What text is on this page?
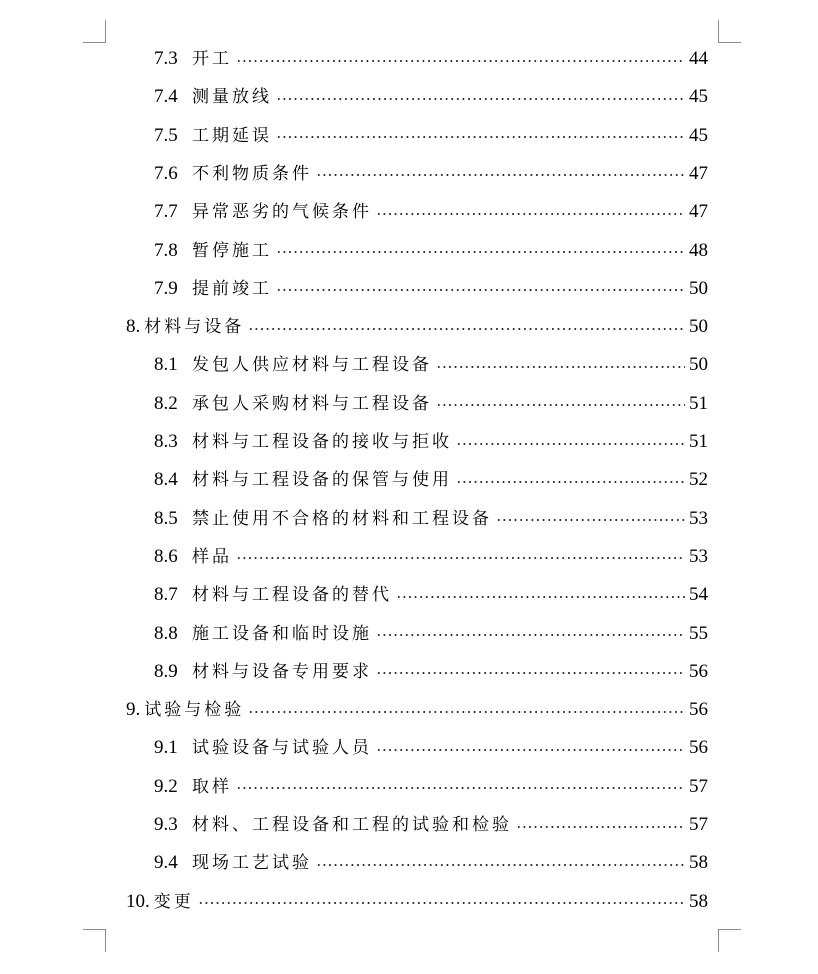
7.3 开工	44
7.4 测量放线	45
7.5 工期延误	45
7.6 不利物质条件	47
7.7 异常恶劣的气候条件	47
7.8 暂停施工	48
7.9 提前竣工	50
8. 材料与设备	50
8.1 发包人供应材料与工程设备	50
8.2 承包人采购材料与工程设备	51
8.3 材料与工程设备的接收与拒收	51
8.4 材料与工程设备的保管与使用	52
8.5 禁止使用不合格的材料和工程设备	53
8.6 样品	53
8.7 材料与工程设备的替代	54
8.8 施工设备和临时设施	55
8.9 材料与设备专用要求	56
9. 试验与检验	56
9.1 试验设备与试验人员	56
9.2 取样	57
9.3 材料、工程设备和工程的试验和检验	57
9.4 现场工艺试验	58
10. 变更	58
